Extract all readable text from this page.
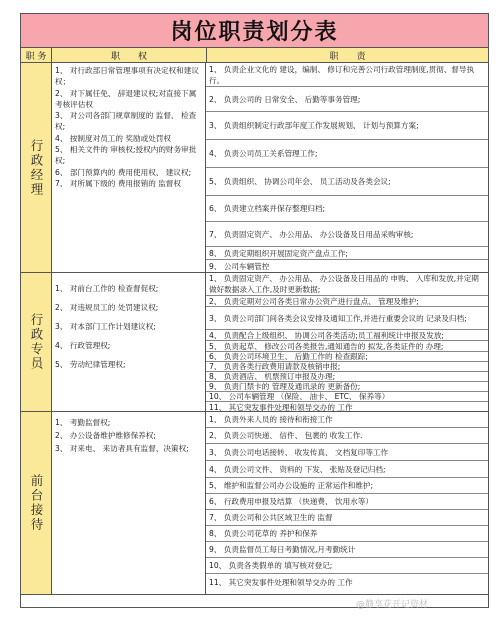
岗位职责划分表
职 务	职　　权	职　　责
行政经理
1、 对行政部日常管理事项有决定权和建议权；
2、 对下属任免、 辞退建议权;对直接下属考核评估权
3、 对公司各部门规章制度的 监督、 检查权;
4、 按制度对员工的 奖励或处罚权
5、 相关文件的 审核权;授权内的财务审批权;
6、 部门预算内的 费用使用权、 建议权;
7、 对所属下级的 费用报销的 监督权
1、 负责企业文化的 建设，编制、 修订和完善公司行政管理制度,贯彻、督导执行。
2、 负责公司的 日常安全、 后勤等事务管理;
3、 负责组织制定行政部年度工作发展规划、 计划与预算方案;
4、 负责公司员工关系管理工作;
5、 负责组织、 协调公司年会、 员工活动及各类会议;
6、 负责建立档案并保存整理归档;
7、 负责固定资产、 办公用品、 办公设备及日用品采购审核;
8、 负责定期组织开展固定资产盘点工作;
9、 公司车辆管控
行政专员
1、 对前台工作的 检查督促权;
2、 对违规员工的 处罚建议权;
3、 对本部门工作计划建议权;
4、 行政管理权;
5、 劳动纪律管理权;
1、 负责固定资产、 办公用品、 办公设备及日用品的 申购、 入库和发放,并定期做好数据录入工作,及时更新数据;
2、 负责定期对公司各类日常办公资产进行盘点、 管理及维护;
3、 负责公司部门间各类会议安排及通知工作,并进行重要会议的 记录及归档;
4、 负责配合上级组织、 协调公司各类活动;员工福利统计申报及发放;
5、 负责起草、 修改公司各类报告,通知通告的 拟发,各类证件的 办理;
6、 负责公司环境卫生、 后勤工作的 检查跟踪;
7、 负责各类行政费用请款及核销申报;
8、 负责酒店、 机票预订申报及办理;
9、 负责门禁卡的 管理及通讯录的 更新备份;
10、 公司车辆管理 （保险、 油卡、 ETC、 保养等）
11、 其它突发事件处理和领导交办的 工作
前台接待
1、 考勤监督权;
2、 办公设备维护维修保养权;
3、 对来电、 来访者具有监督、决策权;
1、 负责外来人员的 接待和衔接工作
2、 负责公司快递、 信件、 包裹的 收发工作.
3、 负责公司电话接转、 收发传真、 文档复印等工作
4、 负责公司文件、 资料的 下发、 张贴及登记归档;
5、 维护和监督公司办公设施的 正常运作和维护;
6、 行政费用申报及结算 （快递费、 饮用水等）
7、 负责公司和公共区域卫生的 监督
8、 负责公司花草的 养护和保养
9、 负责监督员工每日考勤情况,月考勤统计
10、 负责各类假单的 填写核对登记;
11、 其它突发事件处理和领导交办的 工作
@静享花开记资材
